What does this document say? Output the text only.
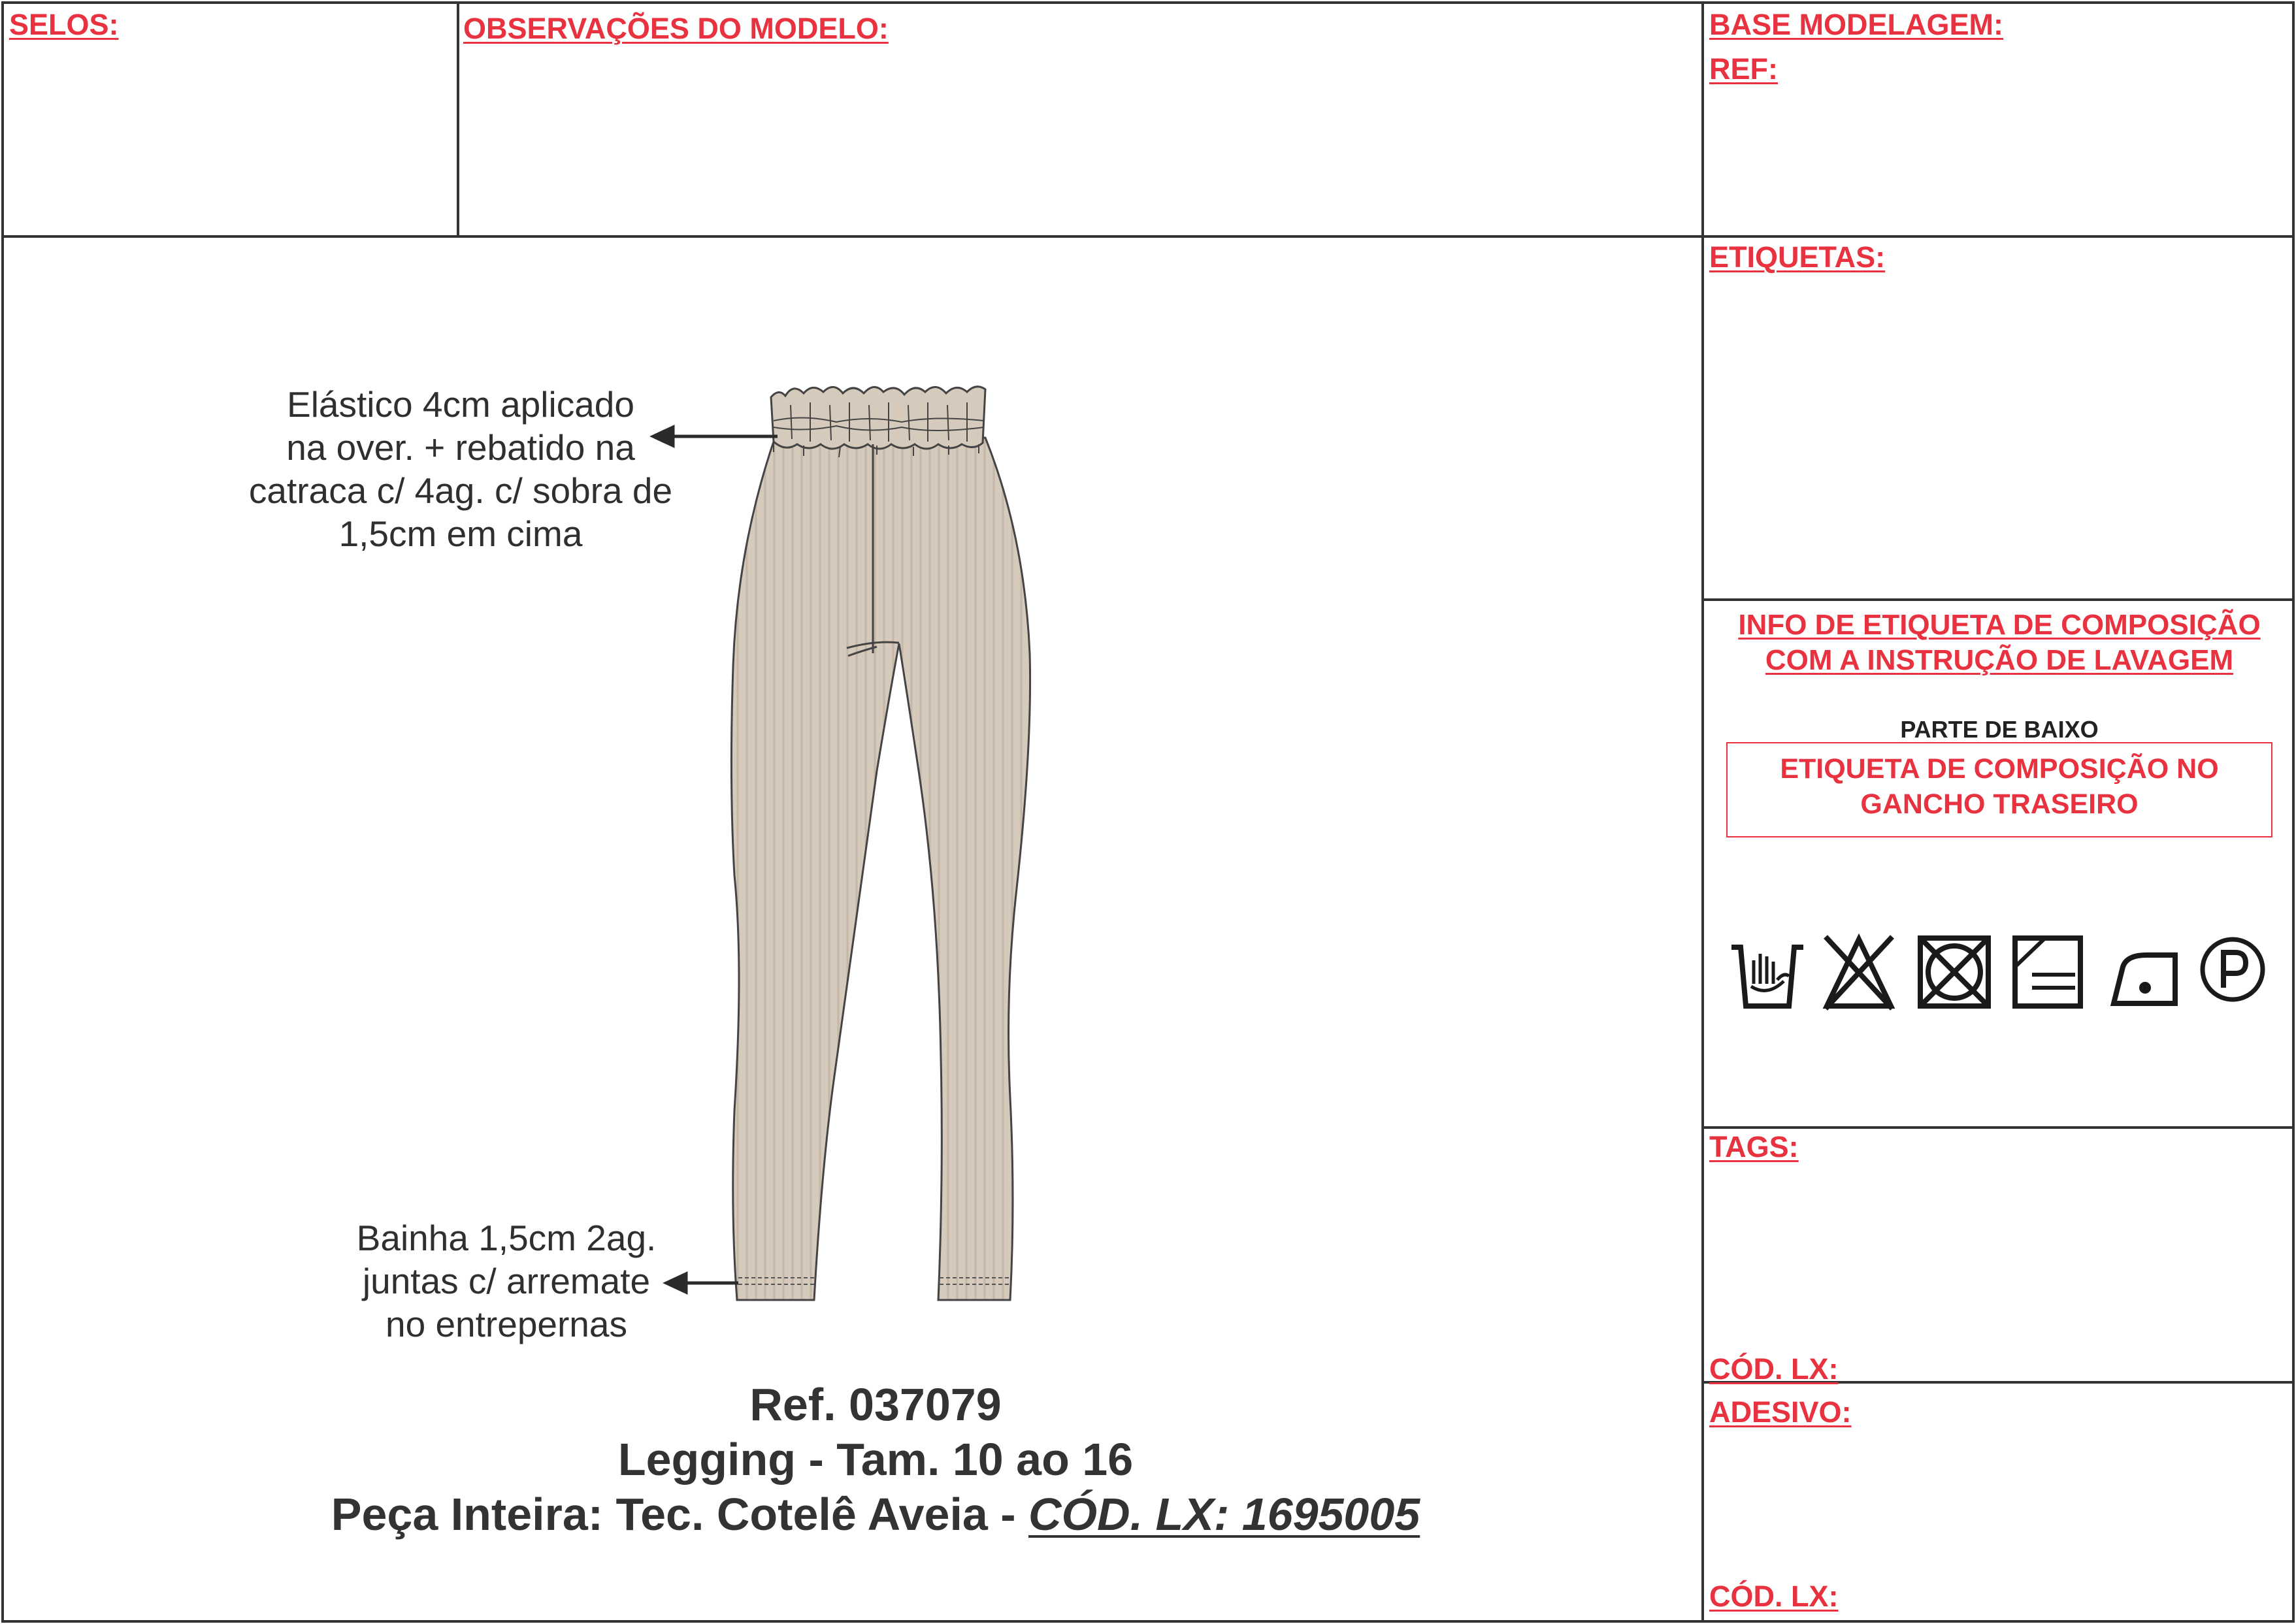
SELOS:	OBSERVAÇÕES DO MODELO:	BASE MODELAGEM:
REF:
ETIQUETAS:
INFO DE ETIQUETA DE COMPOSIÇÃO
COM A INSTRUÇÃO DE LAVAGEM
PARTE DE BAIXO
ETIQUETA DE COMPOSIÇÃO NO
GANCHO TRASEIRO
TAGS:
CÓD. LX:
ADESIVO:
CÓD. LX:
Elástico 4cm aplicado
na over. + rebatido na
catraca c/ 4ag. c/ sobra de
1,5cm em cima
Bainha 1,5cm 2ag.
juntas c/ arremate
no entrepernas
Ref. 037079
Legging - Tam. 10 ao 16
Peça Inteira: Tec. Cotelê Aveia - CÓD. LX: 1695005
